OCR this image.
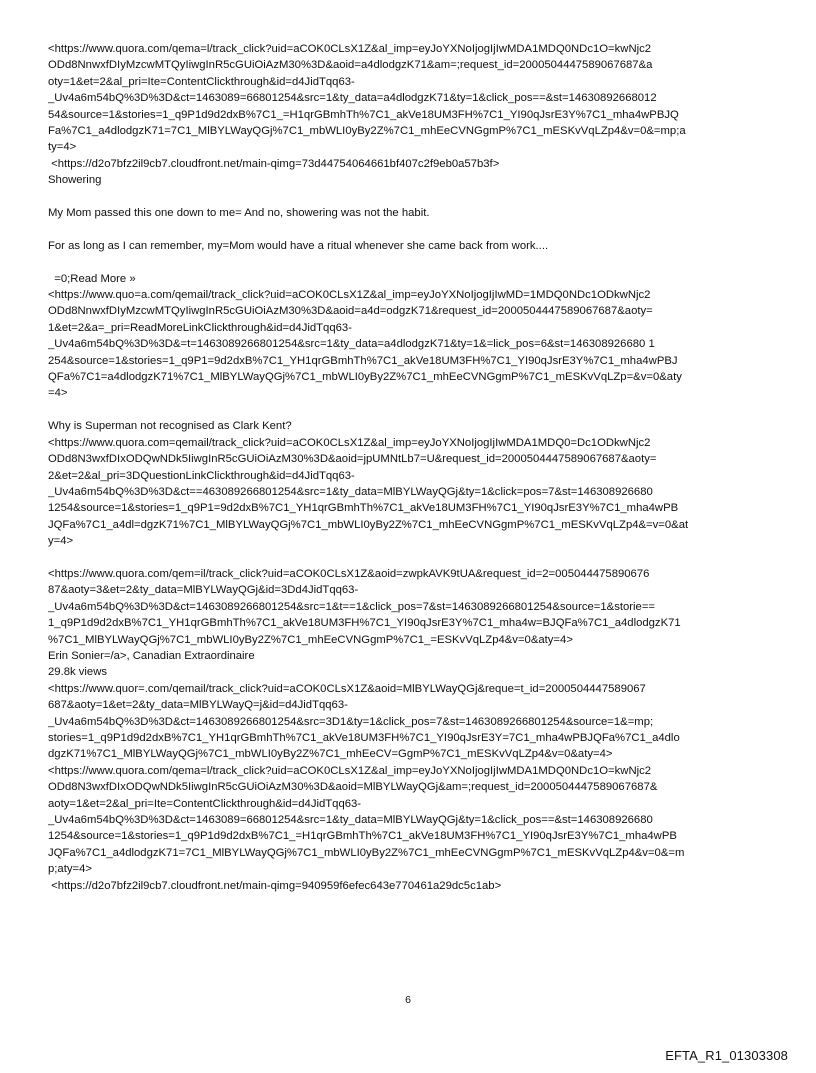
<https://www.quora.com/qema=l/track_click?uid=aCOK0CLsX1Z&al_imp=eyJoYXNoIjogIjIwMDA1MDQ0NDc1O=kwNjc2
ODd8NnwxfDIyMzcwMTQyIiwgInR5cGUiOiAzM30%3D&aoid=a4dlodgzK71&am=;request_id=2000504447589067687&a
oty=1&et=2&al_pri=Ite=ContentClickthrough&id=d4JidTqq63-
_Uv4a6m54bQ%3D%3D&ct=1463089=66801254&src=1&ty_data=a4dlodgzK71&ty=1&click_pos==&st=14630892668012
54&source=1&stories=1_q9P1d9d2dxB%7C1_=H1qrGBmhTh%7C1_akVe18UM3FH%7C1_YI90qJsrE3Y%7C1_mha4wPBJQ
Fa%7C1_a4dlodgzK71=7C1_MlBYLWayQGj%7C1_mbWLI0yBy2Z%7C1_mhEeCVNGgmP%7C1_mESKvVqLZp4&v=0&=mp;a
ty=4>
<https://d2o7bfz2il9cb7.cloudfront.net/main-qimg=73d44754064661bf407c2f9eb0a57b3f>
Showering
My Mom passed this one down to me= And no, showering was not the habit.
For as long as I can remember, my=Mom would have a ritual whenever she came back from work....
=0;Read More »
<https://www.quo=a.com/qemail/track_click?uid=aCOK0CLsX1Z&al_imp=eyJoYXNoIjogIjIwMD=1MDQ0NDc1ODkwNjc2
ODd8NnwxfDIyMzcwMTQyIiwgInR5cGUiOiAzM30%3D&aoid=a4d=odgzK71&request_id=2000504447589067687&aoty=
1&et=2&a=_pri=ReadMoreLinkClickthrough&id=d4JidTqq63-
_Uv4a6m54bQ%3D%3D&=t=1463089266801254&src=1&ty_data=a4dlodgzK71&ty=1&=lick_pos=6&st=146308926680 1
254&source=1&stories=1_q9P1=9d2dxB%7C1_YH1qrGBmhTh%7C1_akVe18UM3FH%7C1_YI90qJsrE3Y%7C1_mha4wPBJ
QFa%7C1=a4dlodgzK71%7C1_MlBYLWayQGj%7C1_mbWLI0yBy2Z%7C1_mhEeCVNGgmP%7C1_mESKvVqLZp=&v=0&aty
=4>
Why is Superman not recognised as Clark Kent?
<https://www.quora.com=qemail/track_click?uid=aCOK0CLsX1Z&al_imp=eyJoYXNoIjogIjIwMDA1MDQ0=Dc1ODkwNjc2
ODd8N3wxfDIxODQwNDk5IiwgInR5cGUiOiAzM30%3D&aoid=jpUMNtLb7=U&request_id=2000504447589067687&aoty=
2&et=2&al_pri=3DQuestionLinkClickthrough&id=d4JidTqq63-
_Uv4a6m54bQ%3D%3D&ct==463089266801254&src=1&ty_data=MlBYLWayQGj&ty=1&click=pos=7&st=146308926680
1254&source=1&stories=1_q9P1=9d2dxB%7C1_YH1qrGBmhTh%7C1_akVe18UM3FH%7C1_YI90qJsrE3Y%7C1_mha4wPB
JQFa%7C1_a4dl=dgzK71%7C1_MlBYLWayQGj%7C1_mbWLI0yBy2Z%7C1_mhEeCVNGgmP%7C1_mESKvVqLZp4&=v=0&at
y=4>
<https://www.quora.com/qem=il/track_click?uid=aCOK0CLsX1Z&aoid=zwpkAVK9tUA&request_id=2=005044475890676
87&aoty=3&et=2&ty_data=MlBYLWayQGj&id=3Dd4JidTqq63-
_Uv4a6m54bQ%3D%3D&ct=1463089266801254&src=1&t==1&click_pos=7&st=1463089266801254&source=1&storie==
1_q9P1d9d2dxB%7C1_YH1qrGBmhTh%7C1_akVe18UM3FH%7C1_YI90qJsrE3Y%7C1_mha4w=BJQFa%7C1_a4dlodgzK71
%7C1_MlBYLWayQGj%7C1_mbWLI0yBy2Z%7C1_mhEeCVNGgmP%7C1_=ESKvVqLZp4&v=0&aty=4>
Erin Sonier=/a>, Canadian Extraordinaire
29.8k views
<https://www.quor=.com/qemail/track_click?uid=aCOK0CLsX1Z&aoid=MlBYLWayQGj&reque=t_id=2000504447589067
687&aoty=1&et=2&ty_data=MlBYLWayQ=j&id=d4JidTqq63-
_Uv4a6m54bQ%3D%3D&ct=1463089266801254&src=3D1&ty=1&click_pos=7&st=1463089266801254&source=1&=mp;
stories=1_q9P1d9d2dxB%7C1_YH1qrGBmhTh%7C1_akVe18UM3FH%7C1_YI90qJsrE3Y=7C1_mha4wPBJQFa%7C1_a4dlo
dgzK71%7C1_MlBYLWayQGj%7C1_mbWLI0yBy2Z%7C1_mhEeCV=GgmP%7C1_mESKvVqLZp4&v=0&aty=4>
<https://www.quora.com/qema=l/track_click?uid=aCOK0CLsX1Z&al_imp=eyJoYXNoIjogIjIwMDA1MDQ0NDc1O=kwNjc2
ODd8N3wxfDIxODQwNDk5IiwgInR5cGUiOiAzM30%3D&aoid=MlBYLWayQGj&am=;request_id=2000504447589067687&
aoty=1&et=2&al_pri=Ite=ContentClickthrough&id=d4JidTqq63-
_Uv4a6m54bQ%3D%3D&ct=1463089=66801254&src=1&ty_data=MlBYLWayQGj&ty=1&click_pos==&st=146308926680
1254&source=1&stories=1_q9P1d9d2dxB%7C1_=H1qrGBmhTh%7C1_akVe18UM3FH%7C1_YI90qJsrE3Y%7C1_mha4wPB
JQFa%7C1_a4dlodgzK71=7C1_MlBYLWayQGj%7C1_mbWLI0yBy2Z%7C1_mhEeCVNGgmP%7C1_mESKvVqLZp4&v=0&=m
p;aty=4>
<https://d2o7bfz2il9cb7.cloudfront.net/main-qimg=940959f6efec643e770461a29dc5c1ab>
6
EFTA_R1_01303308
